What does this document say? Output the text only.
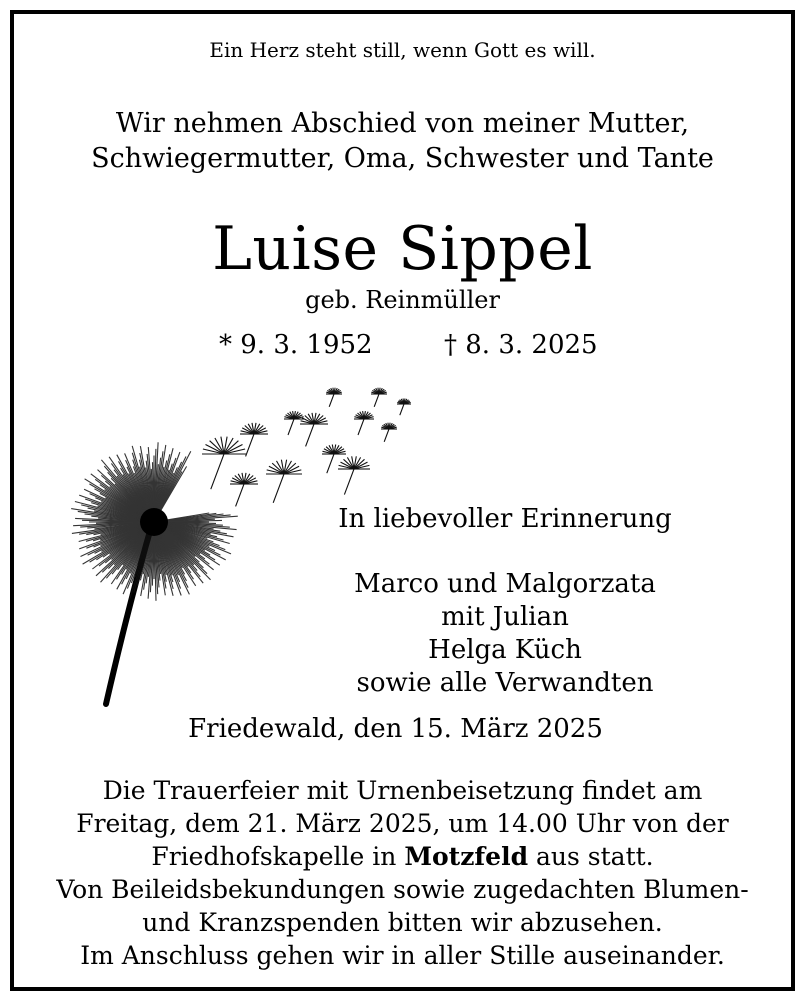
Ein Herz steht still, wenn Gott es will.
Wir nehmen Abschied von meiner Mutter,
Schwiegermutter, Oma, Schwester und Tante
Luise Sippel
geb. Reinmüller
* 9. 3. 1952	† 8. 3. 2025
In liebevoller Erinnerung
Marco und Malgorzata
mit Julian
Helga Küch
sowie alle Verwandten
Friedewald, den 15. März 2025
Die Trauerfeier mit Urnenbeisetzung findet am
Freitag, dem 21. März 2025, um 14.00 Uhr von der
Friedhofskapelle in Motzfeld aus statt.
Von Beileidsbekundungen sowie zugedachten Blumen-
und Kranzspenden bitten wir abzusehen.
Im Anschluss gehen wir in aller Stille auseinander.
